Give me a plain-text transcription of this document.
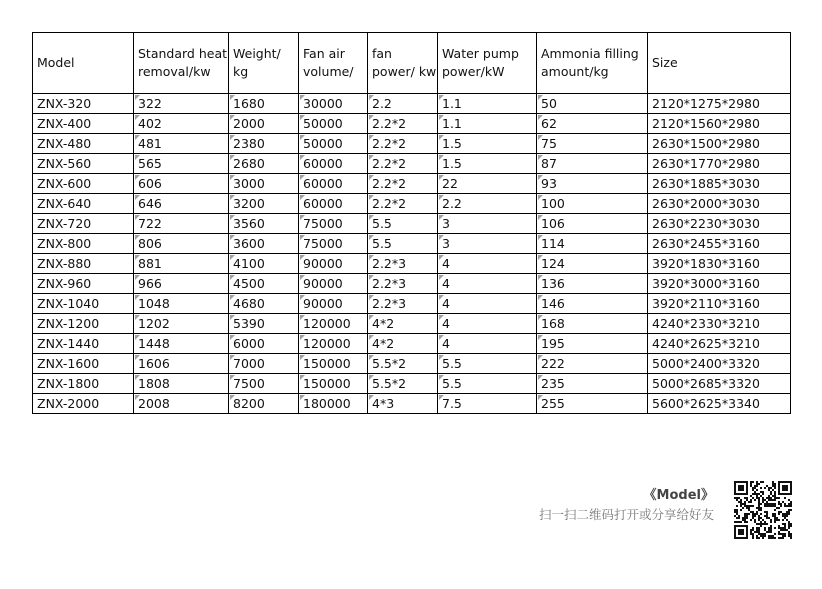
Model	Standard heat removal/kw	Weight/ kg	Fan air volume/	fan power/ kw	Water pump power/kW	Ammonia filling amount/kg	Size
ZNX-320	322	1680	30000	2.2	1.1	50	2120*1275*2980
ZNX-400	402	2000	50000	2.2*2	1.1	62	2120*1560*2980
ZNX-480	481	2380	50000	2.2*2	1.5	75	2630*1500*2980
ZNX-560	565	2680	60000	2.2*2	1.5	87	2630*1770*2980
ZNX-600	606	3000	60000	2.2*2	22	93	2630*1885*3030
ZNX-640	646	3200	60000	2.2*2	2.2	100	2630*2000*3030
ZNX-720	722	3560	75000	5.5	3	106	2630*2230*3030
ZNX-800	806	3600	75000	5.5	3	114	2630*2455*3160
ZNX-880	881	4100	90000	2.2*3	4	124	3920*1830*3160
ZNX-960	966	4500	90000	2.2*3	4	136	3920*3000*3160
ZNX-1040	1048	4680	90000	2.2*3	4	146	3920*2110*3160
ZNX-1200	1202	5390	120000	4*2	4	168	4240*2330*3210
ZNX-1440	1448	6000	120000	4*2	4	195	4240*2625*3210
ZNX-1600	1606	7000	150000	5.5*2	5.5	222	5000*2400*3320
ZNX-1800	1808	7500	150000	5.5*2	5.5	235	5000*2685*3320
ZNX-2000	2008	8200	180000	4*3	7.5	255	5600*2625*3340
《Model》
扫一扫二维码打开或分享给好友
